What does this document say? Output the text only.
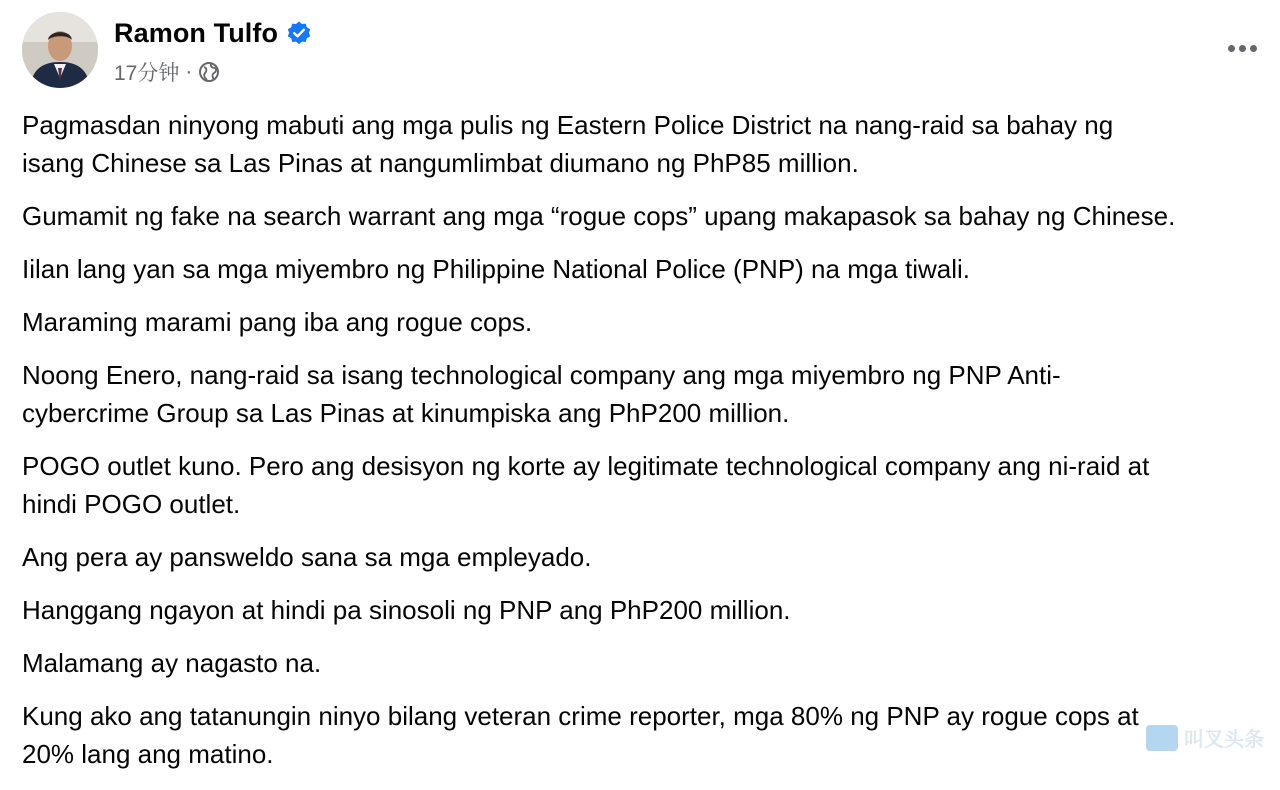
Ramon Tulfo
17分钟 ·

Pagmasdan ninyong mabuti ang mga pulis ng Eastern Police District na nang-raid sa bahay ng
isang Chinese sa Las Pinas at nangumlimbat diumano ng PhP85 million.

Gumamit ng fake na search warrant ang mga “rogue cops” upang makapasok sa bahay ng Chinese.

Iilan lang yan sa mga miyembro ng Philippine National Police (PNP) na mga tiwali.

Maraming marami pang iba ang rogue cops.

Noong Enero, nang-raid sa isang technological company ang mga miyembro ng PNP Anti-
cybercrime Group sa Las Pinas at kinumpiska ang PhP200 million.

POGO outlet kuno. Pero ang desisyon ng korte ay legitimate technological company ang ni-raid at
hindi POGO outlet.

Ang pera ay pansweldo sana sa mga empleyado.

Hanggang ngayon at hindi pa sinosoli ng PNP ang PhP200 million.

Malamang ay nagasto na.

Kung ako ang tatanungin ninyo bilang veteran crime reporter, mga 80% ng PNP ay rogue cops at
20% lang ang matino.	叫叉头条
